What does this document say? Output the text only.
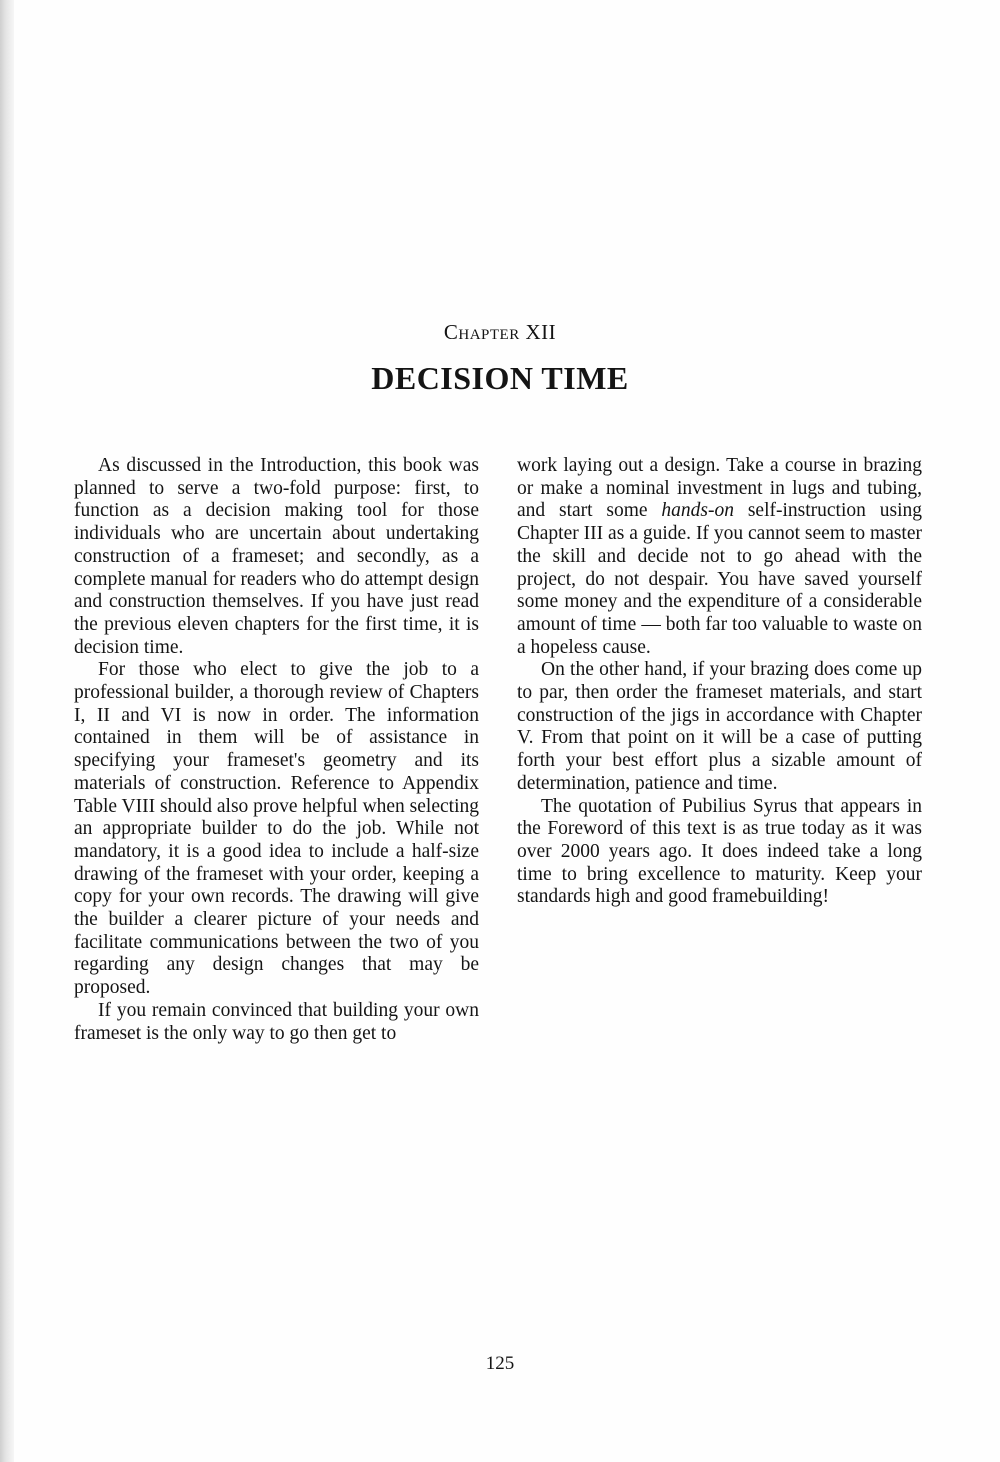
Chapter XII
DECISION TIME

As discussed in the Introduction, this book was planned to serve a two-fold purpose: first, to function as a decision making tool for those individuals who are uncertain about undertaking construction of a frameset; and secondly, as a complete manual for readers who do attempt design and construction themselves. If you have just read the previous eleven chapters for the first time, it is decision time.

For those who elect to give the job to a professional builder, a thorough review of Chapters I, II and VI is now in order. The information contained in them will be of assistance in specifying your frameset's geometry and its materials of construction. Reference to Appendix Table VIII should also prove helpful when selecting an appropriate builder to do the job. While not mandatory, it is a good idea to include a half-size drawing of the frameset with your order, keeping a copy for your own records. The drawing will give the builder a clearer picture of your needs and facilitate communications between the two of you regarding any design changes that may be proposed.

If you remain convinced that building your own frameset is the only way to go then get to

work laying out a design. Take a course in brazing or make a nominal investment in lugs and tubing, and start some hands-on self-instruction using Chapter III as a guide. If you cannot seem to master the skill and decide not to go ahead with the project, do not despair. You have saved yourself some money and the expenditure of a considerable amount of time — both far too valuable to waste on a hopeless cause.

On the other hand, if your brazing does come up to par, then order the frameset materials, and start construction of the jigs in accordance with Chapter V. From that point on it will be a case of putting forth your best effort plus a sizable amount of determination, patience and time.

The quotation of Pubilius Syrus that appears in the Foreword of this text is as true today as it was over 2000 years ago. It does indeed take a long time to bring excellence to maturity. Keep your standards high and good framebuilding!

125
